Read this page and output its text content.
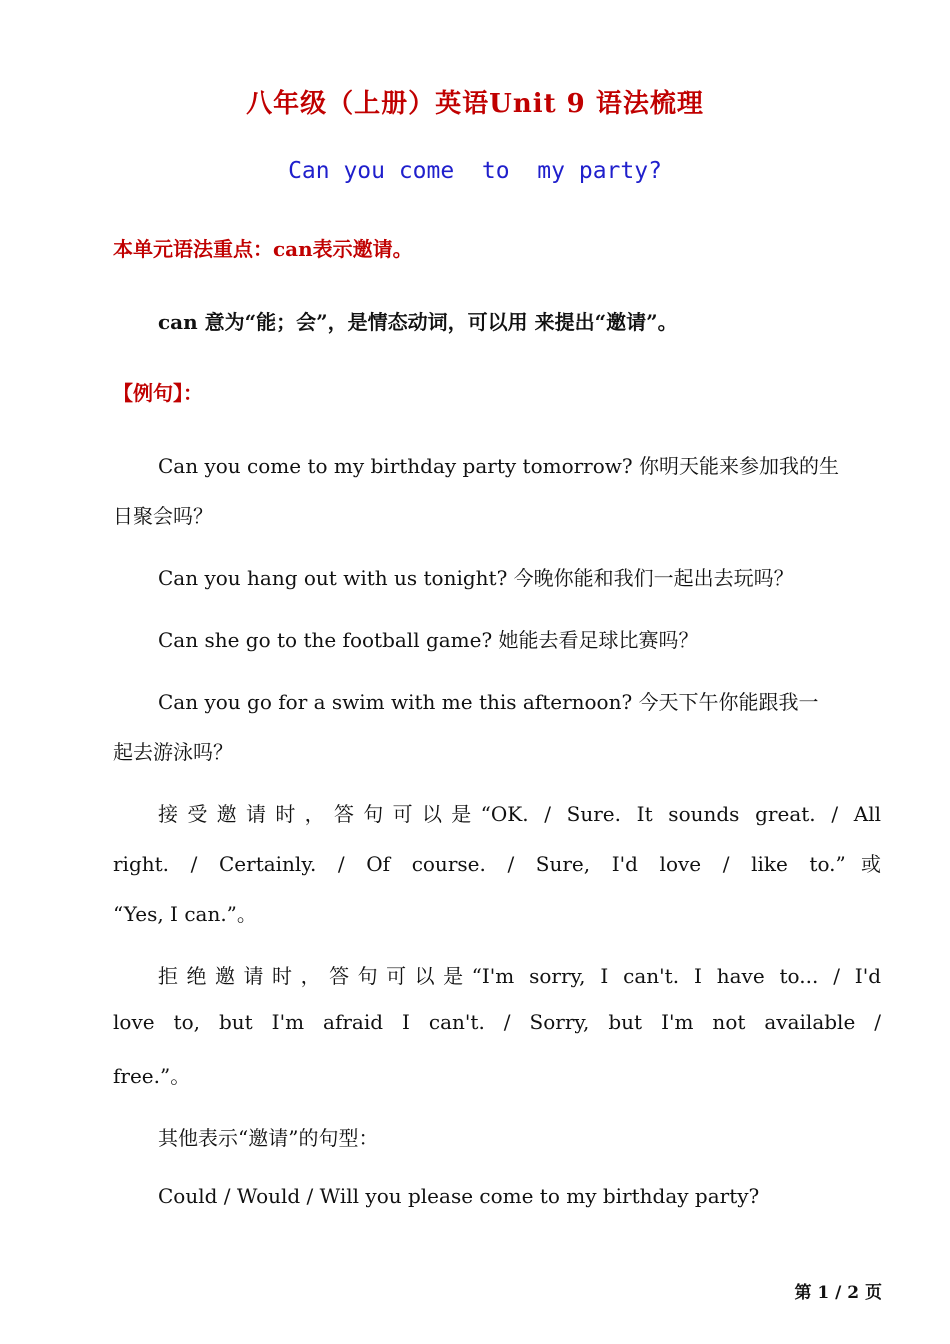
八年级（上册）英语Unit 9 语法梳理
Can you come  to  my party?
本单元语法重点：can表示邀请。
can 意为“能；会”，是情态动词，可以用 来提出“邀请”。
【例句】：
Can you come to my birthday party tomorrow? 你明天能来参加我的生
日聚会吗？
Can you hang out with us tonight? 今晚你能和我们一起出去玩吗？
Can she go to the football game? 她能去看足球比赛吗？
Can you go for a swim with me this afternoon? 今天下午你能跟我一
起去游泳吗？
接受邀请时，答句可以是“OK. / Sure. It sounds great. / All
right. / Certainly. / Of course. / Sure, I'd love / like to.”或
“Yes, I can.”。
拒绝邀请时，答句可以是“I'm sorry, I can't. I have to... / I'd
love to, but I'm afraid I can't. / Sorry, but I'm not available /
free.”。
其他表示“邀请”的句型：
Could / Would / Will you please come to my birthday party?
第 1 / 2 页
